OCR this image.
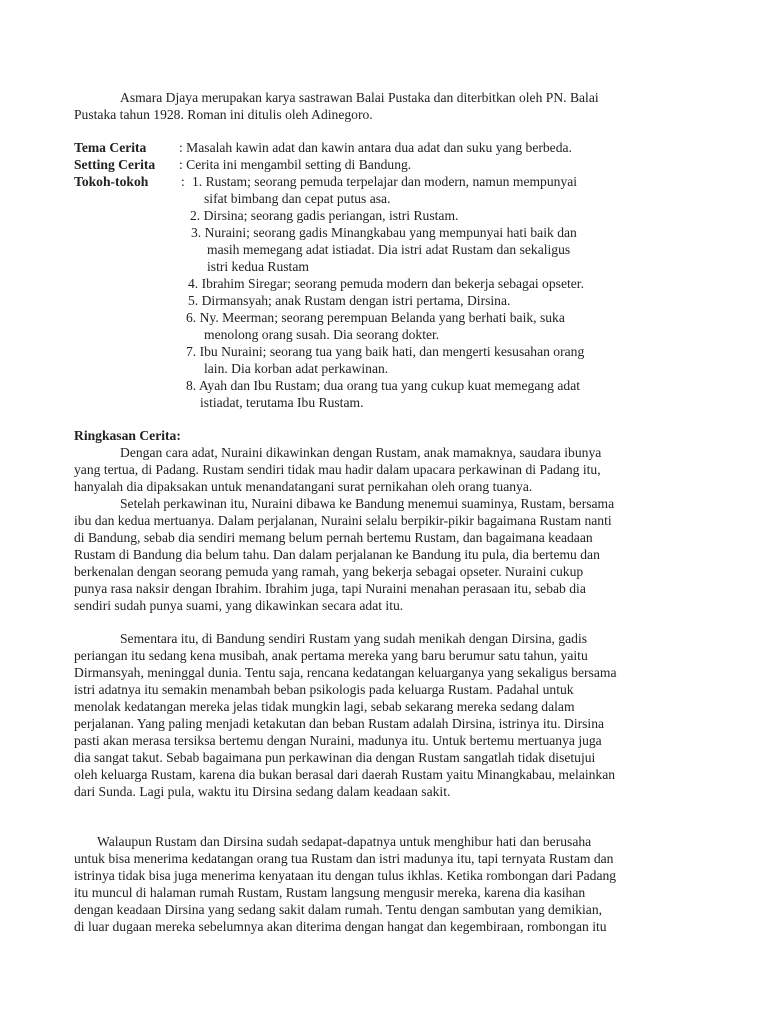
Asmara Djaya merupakan karya sastrawan Balai Pustaka dan diterbitkan oleh PN. Balai
Pustaka tahun 1928. Roman ini ditulis oleh Adinegoro.
Tema Cerita : Masalah kawin adat dan kawin antara dua adat dan suku yang berbeda.
Setting Cerita : Cerita ini mengambil setting di Bandung.
Tokoh-tokoh : 1. Rustam; seorang pemuda terpelajar dan modern, namun mempunyai
sifat bimbang dan cepat putus asa.
2. Dirsina; seorang gadis periangan, istri Rustam.
3. Nuraini; seorang gadis Minangkabau yang mempunyai hati baik dan
masih memegang adat istiadat. Dia istri adat Rustam dan sekaligus
istri kedua Rustam
4. Ibrahim Siregar; seorang pemuda modern dan bekerja sebagai opseter.
5. Dirmansyah; anak Rustam dengan istri pertama, Dirsina.
6. Ny. Meerman; seorang perempuan Belanda yang berhati baik, suka
menolong orang susah. Dia seorang dokter.
7. Ibu Nuraini; seorang tua yang baik hati, dan mengerti kesusahan orang
lain. Dia korban adat perkawinan.
8. Ayah dan Ibu Rustam; dua orang tua yang cukup kuat memegang adat
istiadat, terutama Ibu Rustam.
Ringkasan Cerita:
Dengan cara adat, Nuraini dikawinkan dengan Rustam, anak mamaknya, saudara ibunya
yang tertua, di Padang. Rustam sendiri tidak mau hadir dalam upacara perkawinan di Padang itu,
hanyalah dia dipaksakan untuk menandatangani surat pernikahan oleh orang tuanya.
Setelah perkawinan itu, Nuraini dibawa ke Bandung menemui suaminya, Rustam, bersama
ibu dan kedua mertuanya. Dalam perjalanan, Nuraini selalu berpikir-pikir bagaimana Rustam nanti
di Bandung, sebab dia sendiri memang belum pernah bertemu Rustam, dan bagaimana keadaan
Rustam di Bandung dia belum tahu. Dan dalam perjalanan ke Bandung itu pula, dia bertemu dan
berkenalan dengan seorang pemuda yang ramah, yang bekerja sebagai opseter. Nuraini cukup
punya rasa naksir dengan Ibrahim. Ibrahim juga, tapi Nuraini menahan perasaan itu, sebab dia
sendiri sudah punya suami, yang dikawinkan secara adat itu.
Sementara itu, di Bandung sendiri Rustam yang sudah menikah dengan Dirsina, gadis
periangan itu sedang kena musibah, anak pertama mereka yang baru berumur satu tahun, yaitu
Dirmansyah, meninggal dunia. Tentu saja, rencana kedatangan keluarganya yang sekaligus bersama
istri adatnya itu semakin menambah beban psikologis pada keluarga Rustam. Padahal untuk
menolak kedatangan mereka jelas tidak mungkin lagi, sebab sekarang mereka sedang dalam
perjalanan. Yang paling menjadi ketakutan dan beban Rustam adalah Dirsina, istrinya itu. Dirsina
pasti akan merasa tersiksa bertemu dengan Nuraini, madunya itu. Untuk bertemu mertuanya juga
dia sangat takut. Sebab bagaimana pun perkawinan dia dengan Rustam sangatlah tidak disetujui
oleh keluarga Rustam, karena dia bukan berasal dari daerah Rustam yaitu Minangkabau, melainkan
dari Sunda. Lagi pula, waktu itu Dirsina sedang dalam keadaan sakit.
Walaupun Rustam dan Dirsina sudah sedapat-dapatnya untuk menghibur hati dan berusaha
untuk bisa menerima kedatangan orang tua Rustam dan istri madunya itu, tapi ternyata Rustam dan
istrinya tidak bisa juga menerima kenyataan itu dengan tulus ikhlas. Ketika rombongan dari Padang
itu muncul di halaman rumah Rustam, Rustam langsung mengusir mereka, karena dia kasihan
dengan keadaan Dirsina yang sedang sakit dalam rumah. Tentu dengan sambutan yang demikian,
di luar dugaan mereka sebelumnya akan diterima dengan hangat dan kegembiraan, rombongan itu
